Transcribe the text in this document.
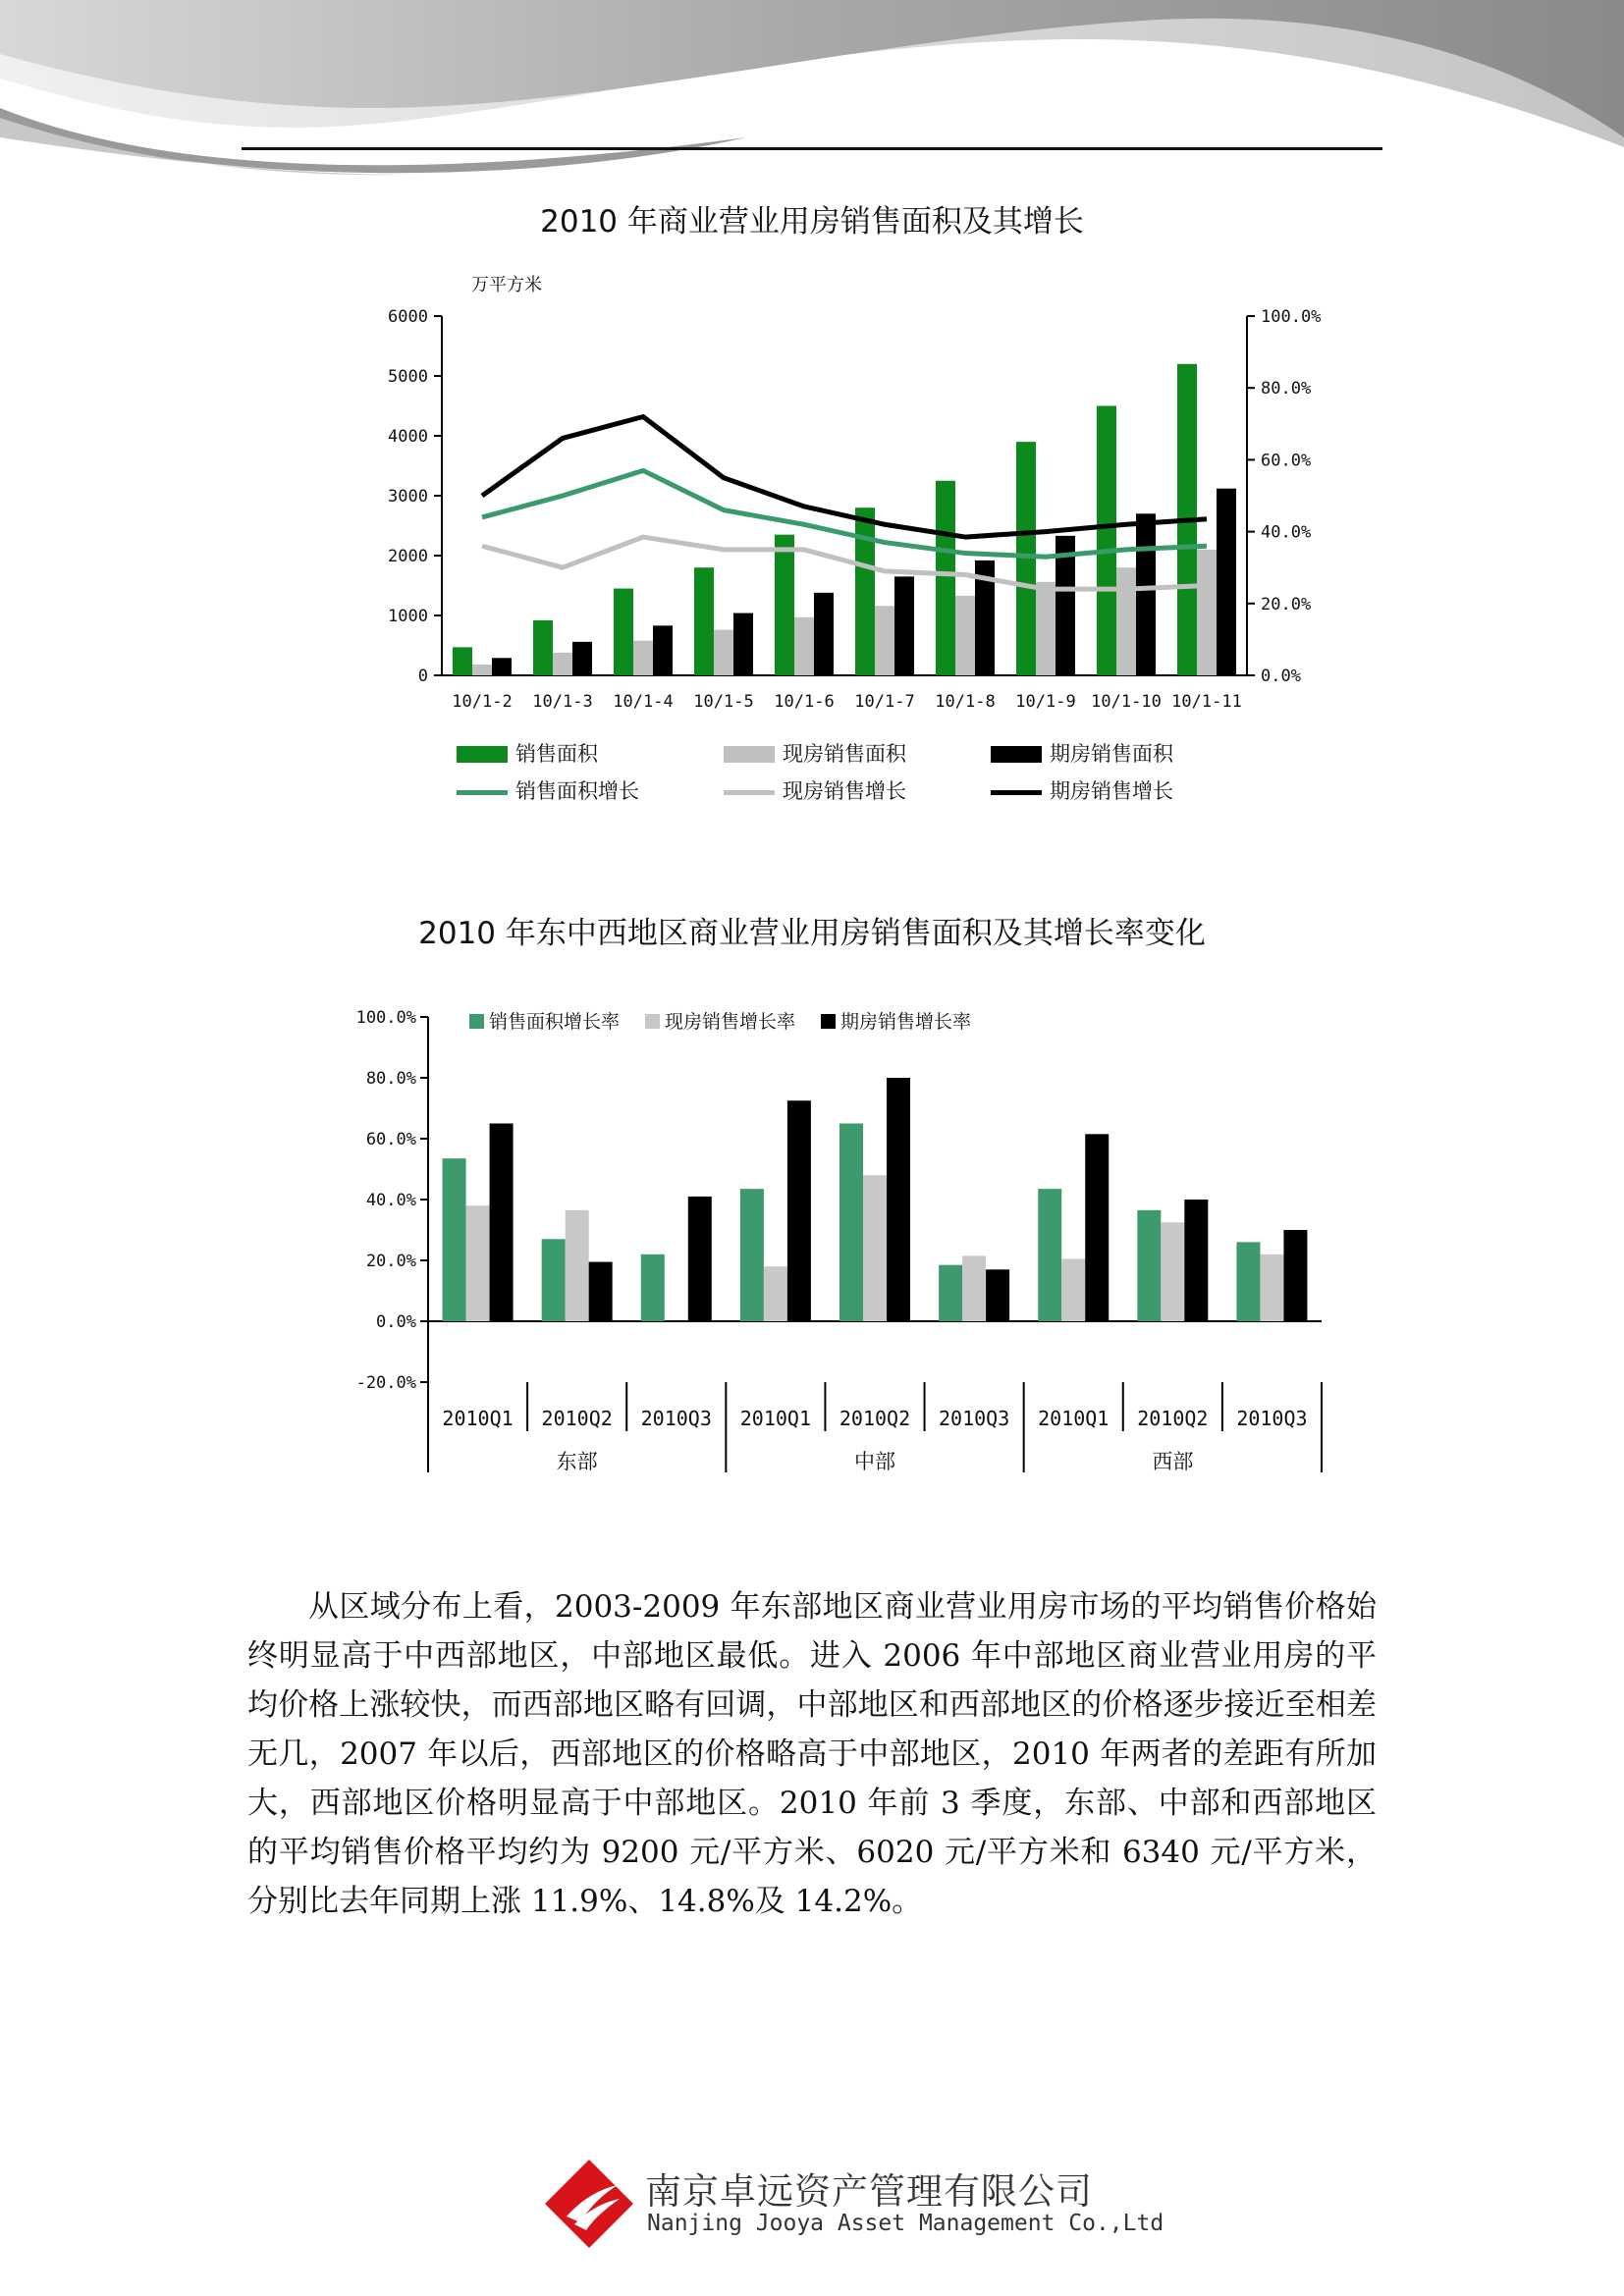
2010 年商业营业用房销售面积及其增长
万平方米
0
1000
2000
3000
4000
5000
6000
0.0%
20.0%
40.0%
60.0%
80.0%
100.0%
10/1-2 10/1-3 10/1-4 10/1-5 10/1-6 10/1-7 10/1-8 10/1-9 10/1-10 10/1-11
销售面积	现房销售面积	期房销售面积
销售面积增长	现房销售增长	期房销售增长
2010 年东中西地区商业营业用房销售面积及其增长率变化
-20.0%
0.0%
20.0%
40.0%
60.0%
80.0%
100.0%
2010Q1 2010Q2 2010Q3 2010Q1 2010Q2 2010Q3 2010Q1 2010Q2 2010Q3
东部	中部	西部
销售面积增长率 现房销售增长率 期房销售增长率

从区域分布上看，2003-2009 年东部地区商业营业用房市场的平均销售价格始终明显高于中西部地区，中部地区最低。进入 2006 年中部地区商业营业用房的平均价格上涨较快，而西部地区略有回调，中部地区和西部地区的价格逐步接近至相差无几，2007 年以后，西部地区的价格略高于中部地区，2010 年两者的差距有所加大，西部地区价格明显高于中部地区。2010 年前 3 季度，东部、中部和西部地区的平均销售价格平均约为 9200 元/平方米、6020 元/平方米和 6340 元/平方米，分别比去年同期上涨 11.9%、14.8%及 14.2%。

南京卓远资产管理有限公司
Nanjing Jooya Asset Management Co.,Ltd
